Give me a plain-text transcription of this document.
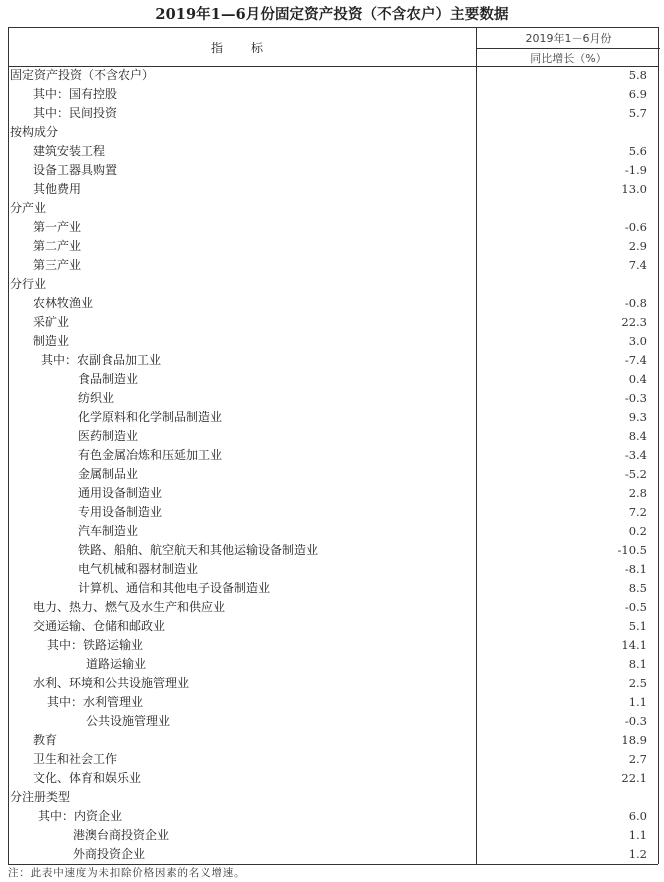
2019年1—6月份固定资产投资（不含农户）主要数据
指　标
2019年1－6月份
同比增长（%）
固定资产投资（不含农户）	5.8
其中：国有控股	6.9
其中：民间投资	5.7
按构成分
建筑安装工程	5.6
设备工器具购置	-1.9
其他费用	13.0
分产业
第一产业	-0.6
第二产业	2.9
第三产业	7.4
分行业
农林牧渔业	-0.8
采矿业	22.3
制造业	3.0
其中：农副食品加工业	-7.4
食品制造业	0.4
纺织业	-0.3
化学原料和化学制品制造业	9.3
医药制造业	8.4
有色金属冶炼和压延加工业	-3.4
金属制品业	-5.2
通用设备制造业	2.8
专用设备制造业	7.2
汽车制造业	0.2
铁路、船舶、航空航天和其他运输设备制造业	-10.5
电气机械和器材制造业	-8.1
计算机、通信和其他电子设备制造业	8.5
电力、热力、燃气及水生产和供应业	-0.5
交通运输、仓储和邮政业	5.1
其中：铁路运输业	14.1
道路运输业	8.1
水利、环境和公共设施管理业	2.5
其中：水利管理业	1.1
公共设施管理业	-0.3
教育	18.9
卫生和社会工作	2.7
文化、体育和娱乐业	22.1
分注册类型
其中：内资企业	6.0
港澳台商投资企业	1.1
外商投资企业	1.2
注：此表中速度为未扣除价格因素的名义增速。
